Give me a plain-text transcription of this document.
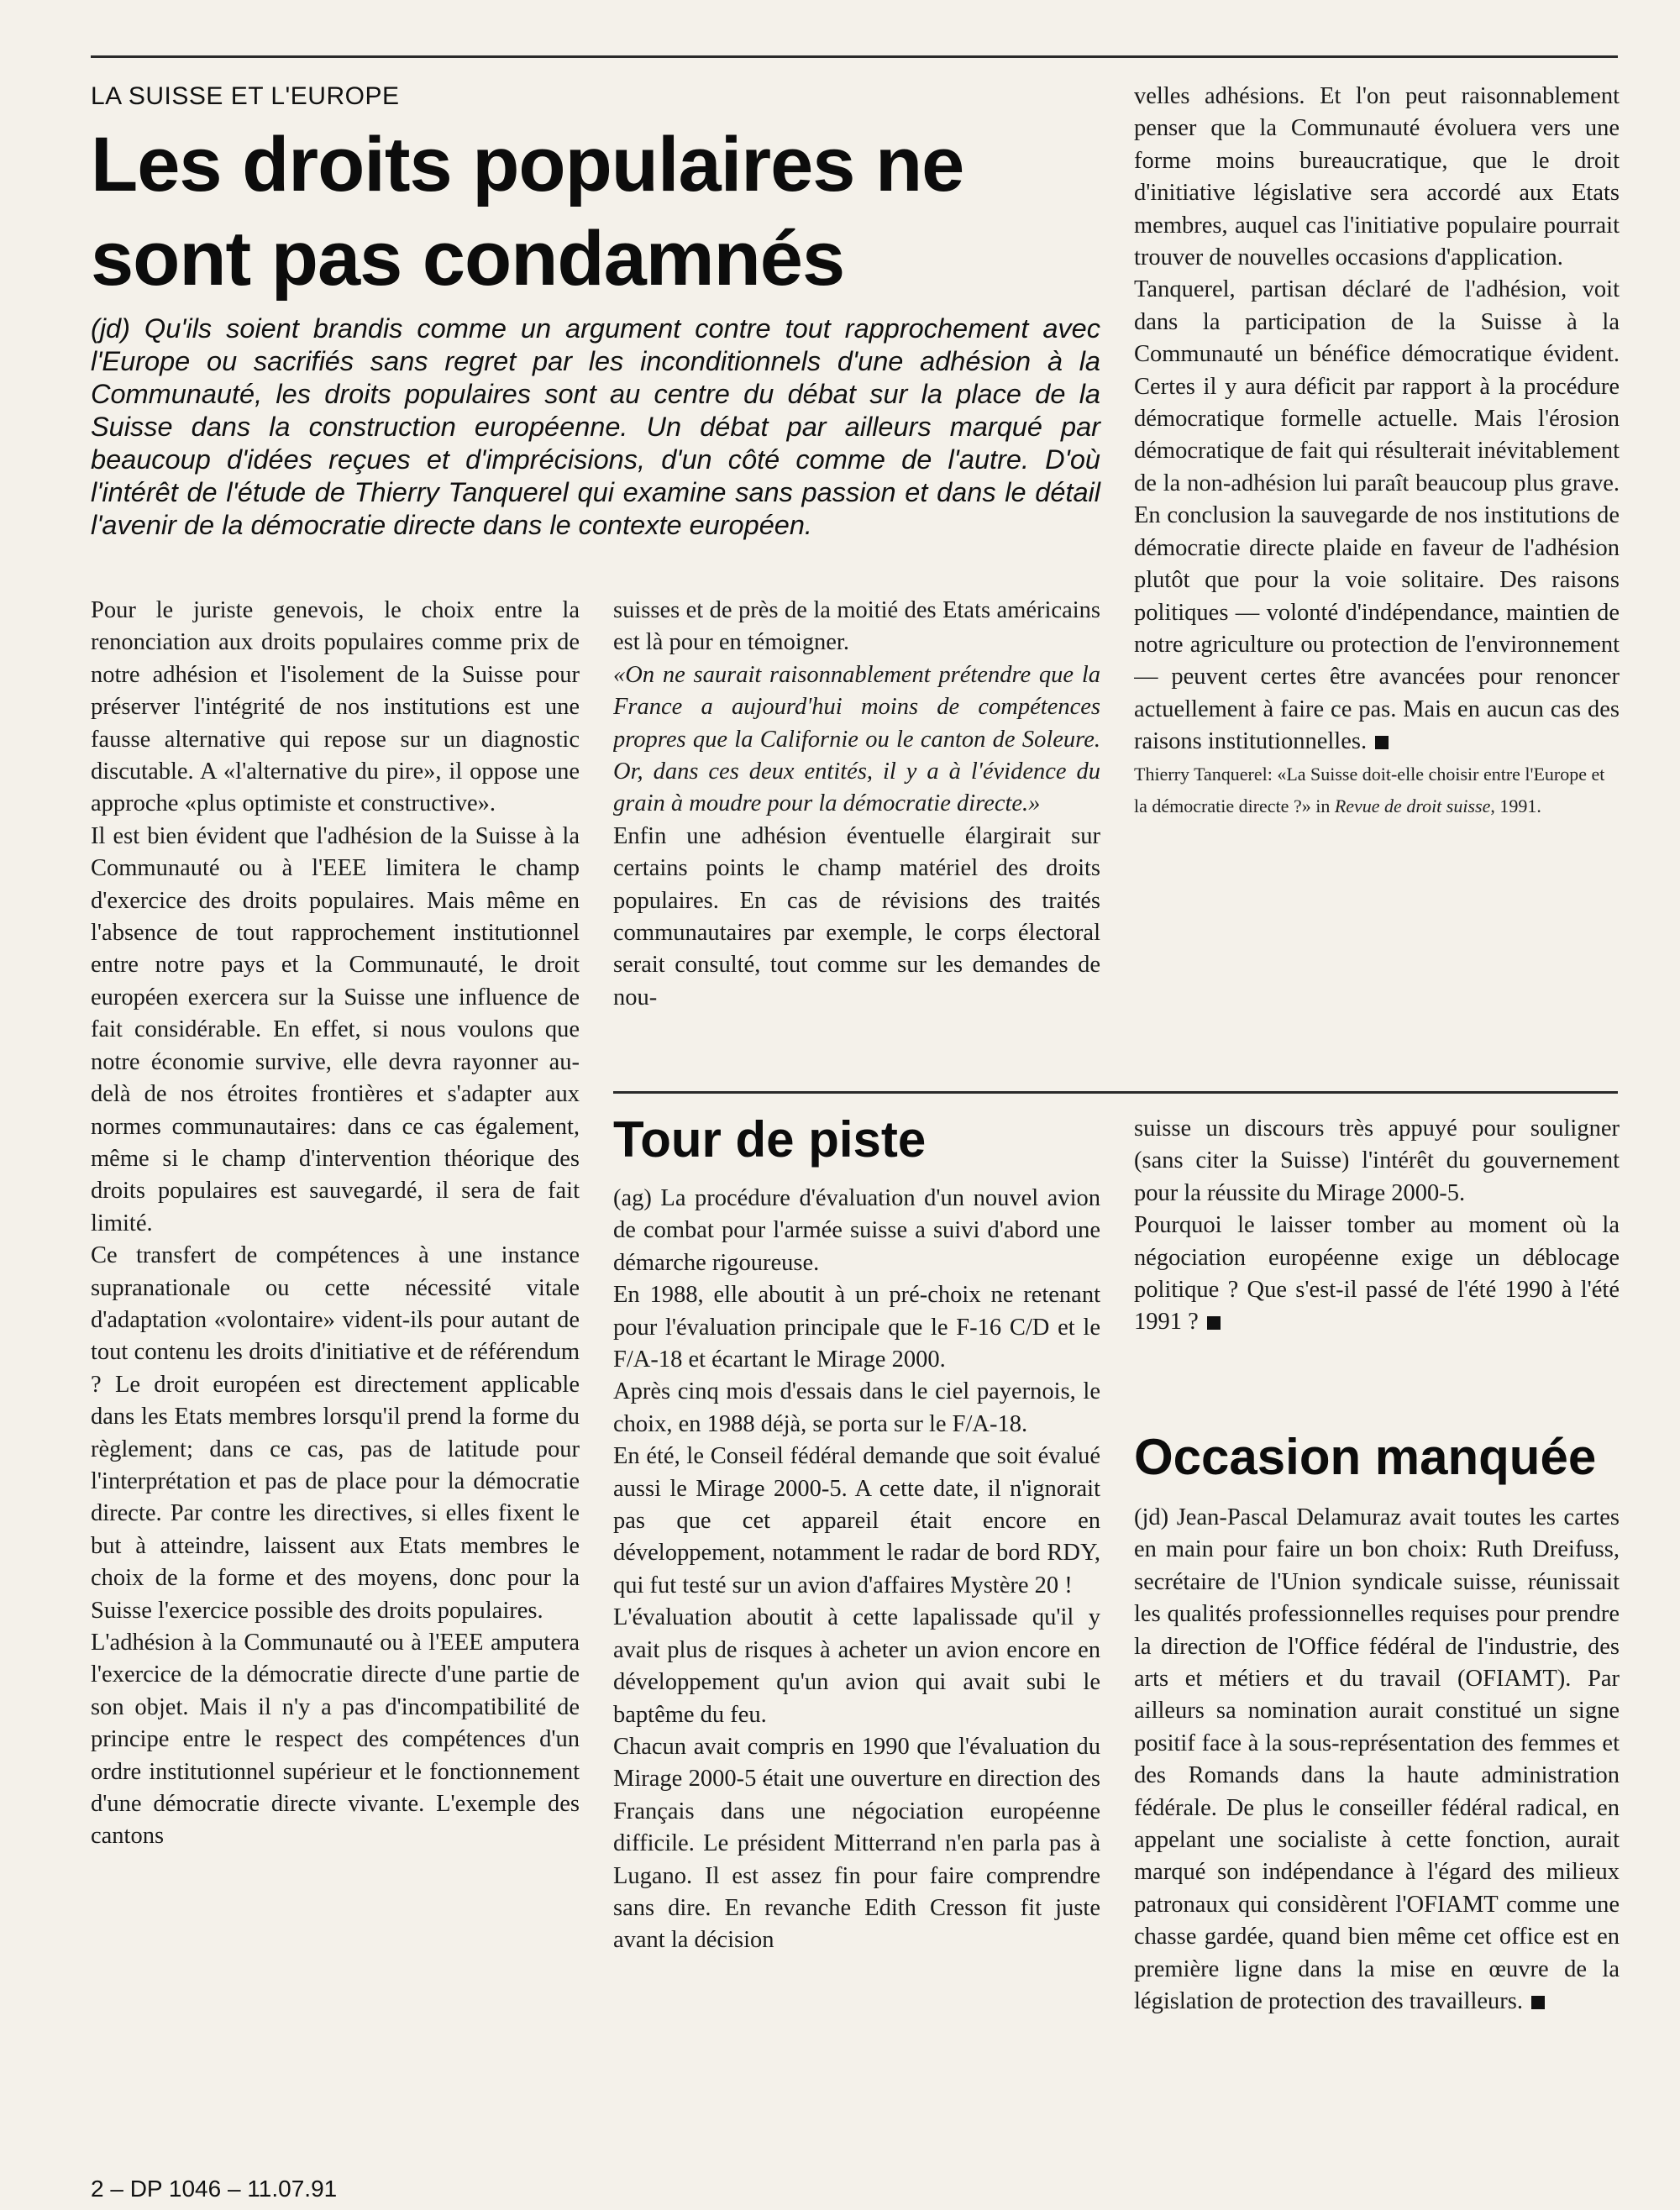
LA SUISSE ET L'EUROPE
Les droits populaires ne sont pas condamnés
(jd) Qu'ils soient brandis comme un argument contre tout rapprochement avec l'Europe ou sacrifiés sans regret par les inconditionnels d'une adhésion à la Communauté, les droits populaires sont au centre du débat sur la place de la Suisse dans la construction européenne. Un débat par ailleurs marqué par beaucoup d'idées reçues et d'imprécisions, d'un côté comme de l'autre. D'où l'intérêt de l'étude de Thierry Tanquerel qui examine sans passion et dans le détail l'avenir de la démocratie directe dans le contexte européen.

Pour le juriste genevois, le choix entre la renonciation aux droits populaires comme prix de notre adhésion et l'isolement de la Suisse pour préserver l'intégrité de nos institutions est une fausse alternative qui repose sur un diagnostic discutable. A «l'alternative du pire», il oppose une approche «plus optimiste et constructive».

Il est bien évident que l'adhésion de la Suisse à la Communauté ou à l'EEE limitera le champ d'exercice des droits populaires. Mais même en l'absence de tout rapprochement institutionnel entre notre pays et la Communauté, le droit européen exercera sur la Suisse une influence de fait considérable. En effet, si nous voulons que notre économie survive, elle devra rayonner au-delà de nos étroites frontières et s'adapter aux normes communautaires: dans ce cas également, même si le champ d'intervention théorique des droits populaires est sauvegardé, il sera de fait limité.

Ce transfert de compétences à une instance supranationale ou cette nécessité vitale d'adaptation «volontaire» vident-ils pour autant de tout contenu les droits d'initiative et de référendum ? Le droit européen est directement applicable dans les Etats membres lorsqu'il prend la forme du règlement; dans ce cas, pas de latitude pour l'interprétation et pas de place pour la démocratie directe. Par contre les directives, si elles fixent le but à atteindre, laissent aux Etats membres le choix de la forme et des moyens, donc pour la Suisse l'exercice possible des droits populaires.

L'adhésion à la Communauté ou à l'EEE amputera l'exercice de la démocratie directe d'une partie de son objet. Mais il n'y a pas d'incompatibilité de principe entre le respect des compétences d'un ordre institutionnel supérieur et le fonctionnement d'une démocratie directe vivante. L'exemple des cantons

suisses et de près de la moitié des Etats américains est là pour en témoigner.

«On ne saurait raisonnablement prétendre que la France a aujourd'hui moins de compétences propres que la Californie ou le canton de Soleure. Or, dans ces deux entités, il y a à l'évidence du grain à moudre pour la démocratie directe.»

Enfin une adhésion éventuelle élargirait sur certains points le champ matériel des droits populaires. En cas de révisions des traités communautaires par exemple, le corps électoral serait consulté, tout comme sur les demandes de nou-

velles adhésions. Et l'on peut raisonnablement penser que la Communauté évoluera vers une forme moins bureaucratique, que le droit d'initiative législative sera accordé aux Etats membres, auquel cas l'initiative populaire pourrait trouver de nouvelles occasions d'application.

Tanquerel, partisan déclaré de l'adhésion, voit dans la participation de la Suisse à la Communauté un bénéfice démocratique évident. Certes il y aura déficit par rapport à la procédure démocratique formelle actuelle. Mais l'érosion démocratique de fait qui résulterait inévitablement de la non-adhésion lui paraît beaucoup plus grave. En conclusion la sauvegarde de nos institutions de démocratie directe plaide en faveur de l'adhésion plutôt que pour la voie solitaire. Des raisons politiques — volonté d'indépendance, maintien de notre agriculture ou protection de l'environnement — peuvent certes être avancées pour renoncer actuellement à faire ce pas. Mais en aucun cas des raisons institutionnelles.

Thierry Tanquerel: «La Suisse doit-elle choisir entre l'Europe et la démocratie directe ?» in Revue de droit suisse, 1991.

Tour de piste

(ag) La procédure d'évaluation d'un nouvel avion de combat pour l'armée suisse a suivi d'abord une démarche rigoureuse.

En 1988, elle aboutit à un pré-choix ne retenant pour l'évaluation principale que le F-16 C/D et le F/A-18 et écartant le Mirage 2000.

Après cinq mois d'essais dans le ciel payernois, le choix, en 1988 déjà, se porta sur le F/A-18.

En été, le Conseil fédéral demande que soit évalué aussi le Mirage 2000-5. A cette date, il n'ignorait pas que cet appareil était encore en développement, notamment le radar de bord RDY, qui fut testé sur un avion d'affaires Mystère 20 !

L'évaluation aboutit à cette lapalissade qu'il y avait plus de risques à acheter un avion encore en développement qu'un avion qui avait subi le baptême du feu.

Chacun avait compris en 1990 que l'évaluation du Mirage 2000-5 était une ouverture en direction des Français dans une négociation européenne difficile. Le président Mitterrand n'en parla pas à Lugano. Il est assez fin pour faire comprendre sans dire. En revanche Edith Cresson fit juste avant la décision

suisse un discours très appuyé pour souligner (sans citer la Suisse) l'intérêt du gouvernement pour la réussite du Mirage 2000-5.

Pourquoi le laisser tomber au moment où la négociation européenne exige un déblocage politique ? Que s'est-il passé de l'été 1990 à l'été 1991 ?

Occasion manquée

(jd) Jean-Pascal Delamuraz avait toutes les cartes en main pour faire un bon choix: Ruth Dreifuss, secrétaire de l'Union syndicale suisse, réunissait les qualités professionnelles requises pour prendre la direction de l'Office fédéral de l'industrie, des arts et métiers et du travail (OFIAMT). Par ailleurs sa nomination aurait constitué un signe positif face à la sous-représentation des femmes et des Romands dans la haute administration fédérale. De plus le conseiller fédéral radical, en appelant une socialiste à cette fonction, aurait marqué son indépendance à l'égard des milieux patronaux qui considèrent l'OFIAMT comme une chasse gardée, quand bien même cet office est en première ligne dans la mise en œuvre de la législation de protection des travailleurs.

2 – DP 1046 – 11.07.91
